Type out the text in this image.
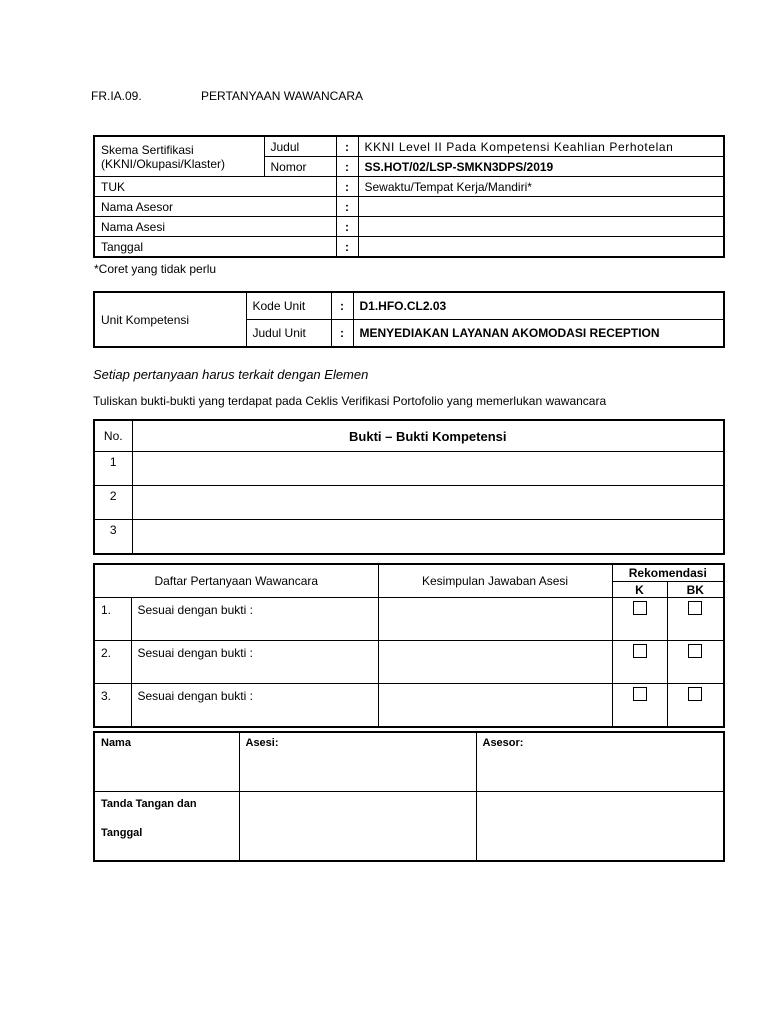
FR.IA.09.	PERTANYAAN WAWANCARA
Skema Sertifikasi
(KKNI/Okupasi/Klaster)	Judul	:	KKNI Level II Pada Kompetensi Keahlian Perhotelan
	Nomor	:	SS.HOT/02/LSP-SMKN3DPS/2019
TUK		:	Sewaktu/Tempat Kerja/Mandiri*
Nama Asesor		:	
Nama Asesi		:	
Tanggal		:	
*Coret yang tidak perlu
Unit Kompetensi	Kode Unit	:	D1.HFO.CL2.03
	Judul Unit	:	MENYEDIAKAN LAYANAN AKOMODASI RECEPTION
Setiap pertanyaan harus terkait dengan Elemen
Tuliskan bukti-bukti yang terdapat pada Ceklis Verifikasi Portofolio yang memerlukan wawancara
No.	Bukti – Bukti Kompetensi
1	
2	
3	
Daftar Pertanyaan Wawancara		Kesimpulan Jawaban Asesi	Rekomendasi	
			K	BK
1.	Sesuai dengan bukti :			
2.	Sesuai dengan bukti :			
3.	Sesuai dengan bukti :			
Nama	Asesi:	Asesor:

Tanda Tangan dan
Tanggal		
